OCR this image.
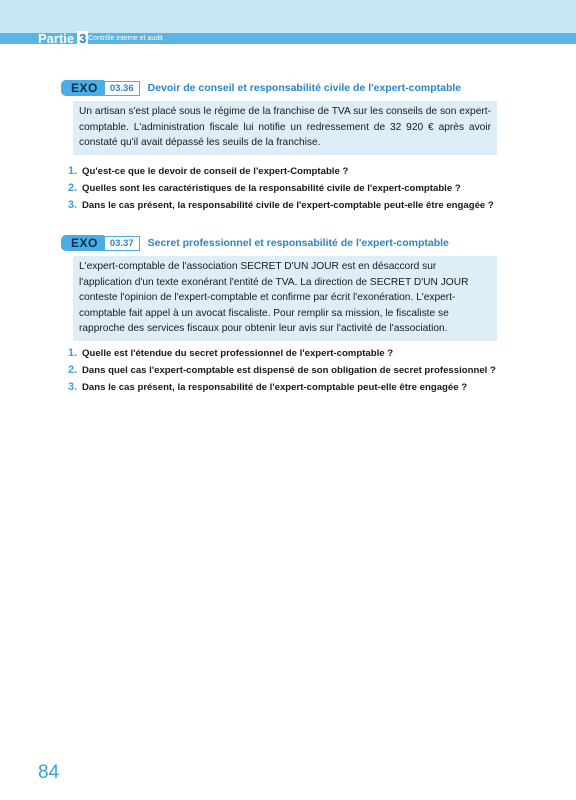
Partie 3 Contrôle interne et audit
EXO	03.36	Devoir de conseil et responsabilité civile de l'expert-comptable
Un artisan s'est placé sous le régime de la franchise de TVA sur les conseils de son expert-comptable. L'administration fiscale lui notifie un redressement de 32 920 € après avoir constaté qu'il avait dépassé les seuils de la franchise.
1. Qu'est-ce que le devoir de conseil de l'expert-Comptable ?
2. Quelles sont les caractéristiques de la responsabilité civile de l'expert-comptable ?
3. Dans le cas présent, la responsabilité civile de l'expert-comptable peut-elle être engagée ?
EXO	03.37	Secret professionnel et responsabilité de l'expert-comptable
L'expert-comptable de l'association SECRET D'UN JOUR est en désaccord sur l'application d'un texte exonérant l'entité de TVA. La direction de SECRET D'UN JOUR conteste l'opinion de l'expert-comptable et confirme par écrit l'exonération. L'expert-comptable fait appel à un avocat fiscaliste. Pour remplir sa mission, le fiscaliste se rapproche des services fiscaux pour obtenir leur avis sur l'activité de l'association.
1. Quelle est l'étendue du secret professionnel de l'expert-comptable ?
2. Dans quel cas l'expert-comptable est dispensé de son obligation de secret professionnel ?
3. Dans le cas présent, la responsabilité de l'expert-comptable peut-elle être engagée ?
84
